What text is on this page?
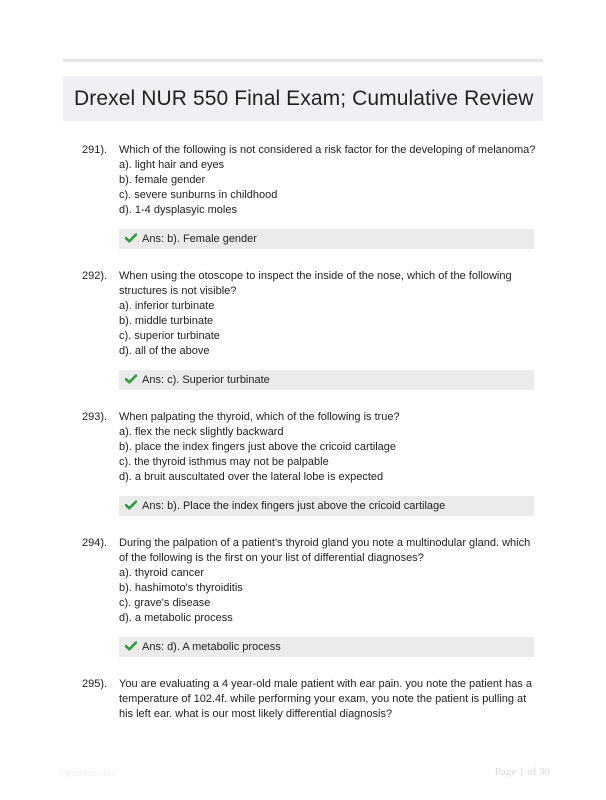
Drexel NUR 550 Final Exam; Cumulative Review
291). Which of the following is not considered a risk factor for the developing of melanoma?
a). light hair and eyes
b). female gender
c). severe sunburns in childhood
d). 1-4 dysplasyic moles
Ans: b). Female gender
292). When using the otoscope to inspect the inside of the nose, which of the following structures is not visible?
a). inferior turbinate
b). middle turbinate
c). superior turbinate
d). all of the above
Ans: c). Superior turbinate
293). When palpating the thyroid, which of the following is true?
a). flex the neck slightly backward
b). place the index fingers just above the cricoid cartilage
c). the thyroid isthmus may not be palpable
d). a bruit auscultated over the lateral lobe is expected
Ans: b). Place the index fingers just above the cricoid cartilage
294). During the palpation of a patient's thyroid gland you note a multinodular gland. which of the following is the first on your list of differential diagnoses?
a). thyroid cancer
b). hashimoto's thyroiditis
c). grave's disease
d). a metabolic process
Ans: d). A metabolic process
295). You are evaluating a 4 year-old male patient with ear pain. you note the patient has a temperature of 102.4f. while performing your exam, you note the patient is pulling at his left ear. what is our most likely differential diagnosis?
Paperlibc.com	Page 1 of 39
